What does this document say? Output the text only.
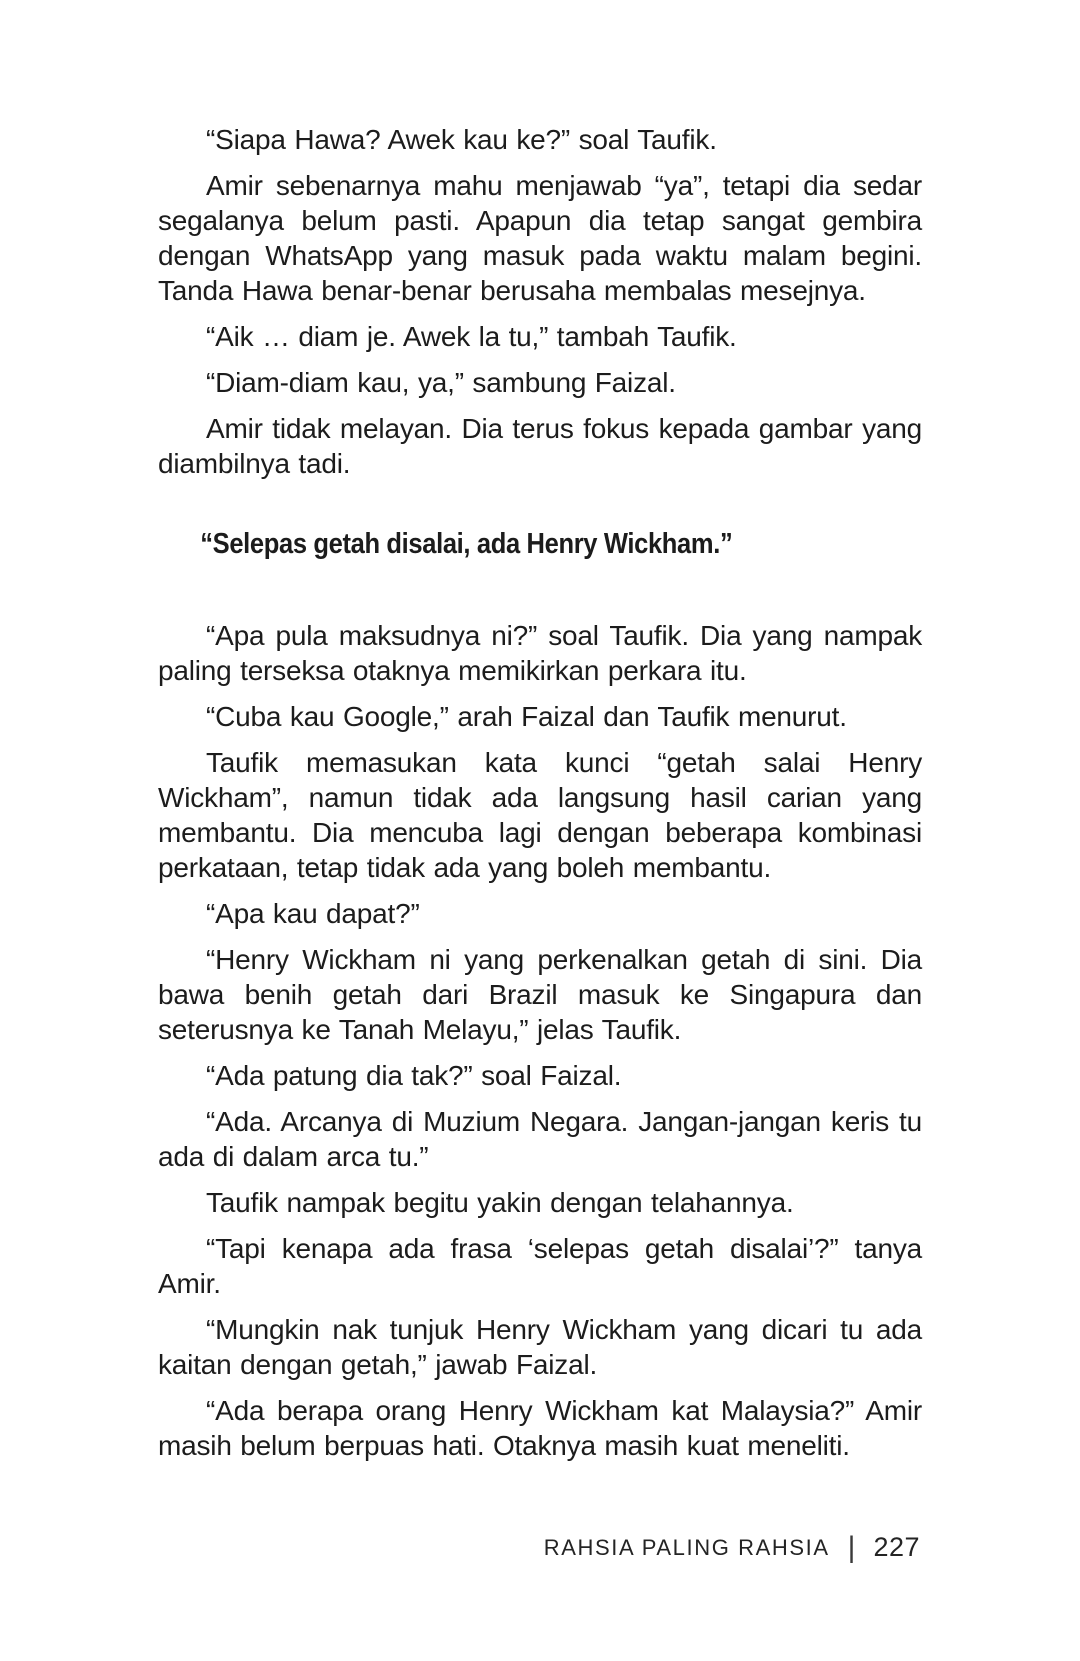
“Siapa Hawa? Awek kau ke?” soal Taufik.

Amir sebenarnya mahu menjawab “ya”, tetapi dia sedar segalanya belum pasti. Apapun dia tetap sangat gembira dengan WhatsApp yang masuk pada waktu malam begini. Tanda Hawa benar-benar berusaha membalas mesejnya.

“Aik … diam je. Awek la tu,” tambah Taufik.

“Diam-diam kau, ya,” sambung Faizal.

Amir tidak melayan. Dia terus fokus kepada gambar yang diambilnya tadi.

“Selepas getah disalai, ada Henry Wickham.”

“Apa pula maksudnya ni?” soal Taufik. Dia yang nampak paling terseksa otaknya memikirkan perkara itu.

“Cuba kau Google,” arah Faizal dan Taufik menurut.

Taufik memasukan kata kunci “getah salai Henry Wickham”, namun tidak ada langsung hasil carian yang membantu. Dia mencuba lagi dengan beberapa kombinasi perkataan, tetap tidak ada yang boleh membantu.

“Apa kau dapat?”

“Henry Wickham ni yang perkenalkan getah di sini. Dia bawa benih getah dari Brazil masuk ke Singapura dan seterusnya ke Tanah Melayu,” jelas Taufik.

“Ada patung dia tak?” soal Faizal.

“Ada. Arcanya di Muzium Negara. Jangan-jangan keris tu ada di dalam arca tu.”

Taufik nampak begitu yakin dengan telahannya.

“Tapi kenapa ada frasa ‘selepas getah disalai’?” tanya Amir.

“Mungkin nak tunjuk Henry Wickham yang dicari tu ada kaitan dengan getah,” jawab Faizal.

“Ada berapa orang Henry Wickham kat Malaysia?” Amir masih belum berpuas hati. Otaknya masih kuat meneliti.

RAHSIA PALING RAHSIA | 227
